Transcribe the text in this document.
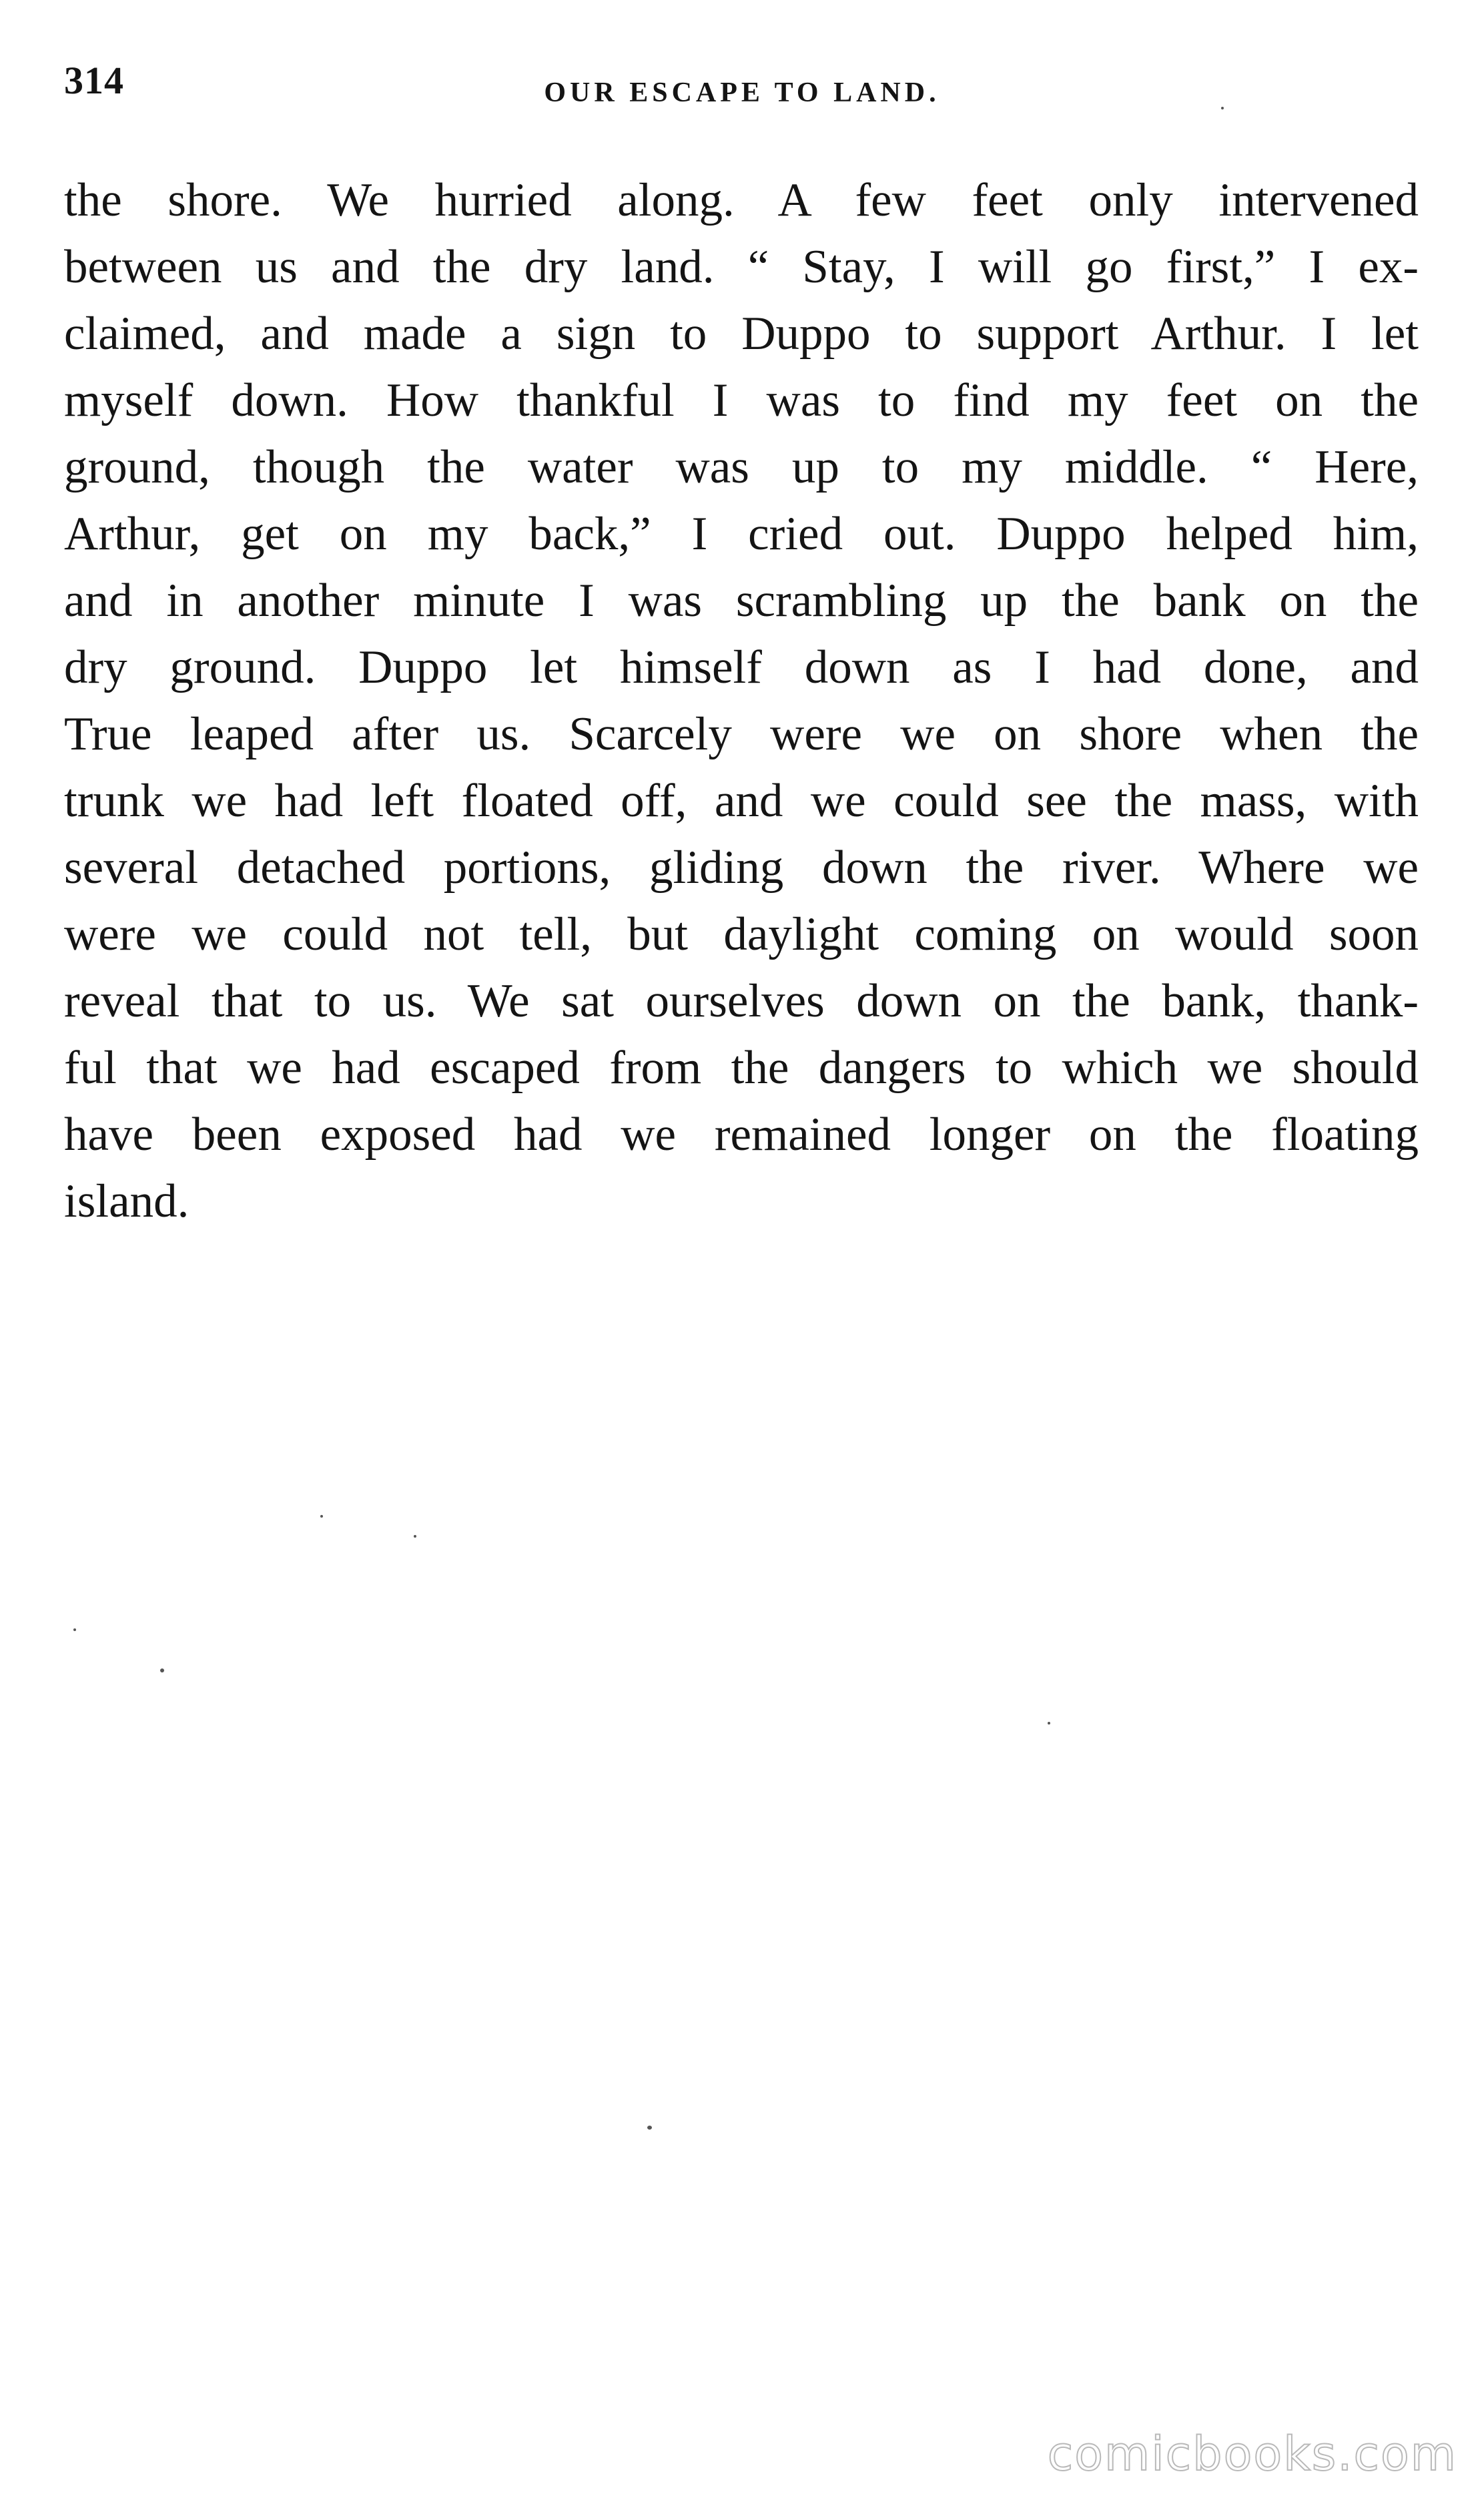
314	OUR ESCAPE TO LAND.
the shore. We hurried along. A few feet only intervened
between us and the dry land. “ Stay, I will go first,” I ex-
claimed, and made a sign to Duppo to support Arthur. I let
myself down. How thankful I was to find my feet on the
ground, though the water was up to my middle. “ Here,
Arthur, get on my back,” I cried out. Duppo helped him,
and in another minute I was scrambling up the bank on the
dry ground. Duppo let himself down as I had done, and
True leaped after us. Scarcely were we on shore when the
trunk we had left floated off, and we could see the mass, with
several detached portions, gliding down the river. Where we
were we could not tell, but daylight coming on would soon
reveal that to us. We sat ourselves down on the bank, thank-
ful that we had escaped from the dangers to which we should
have been exposed had we remained longer on the floating
island.
comicbooks.com
